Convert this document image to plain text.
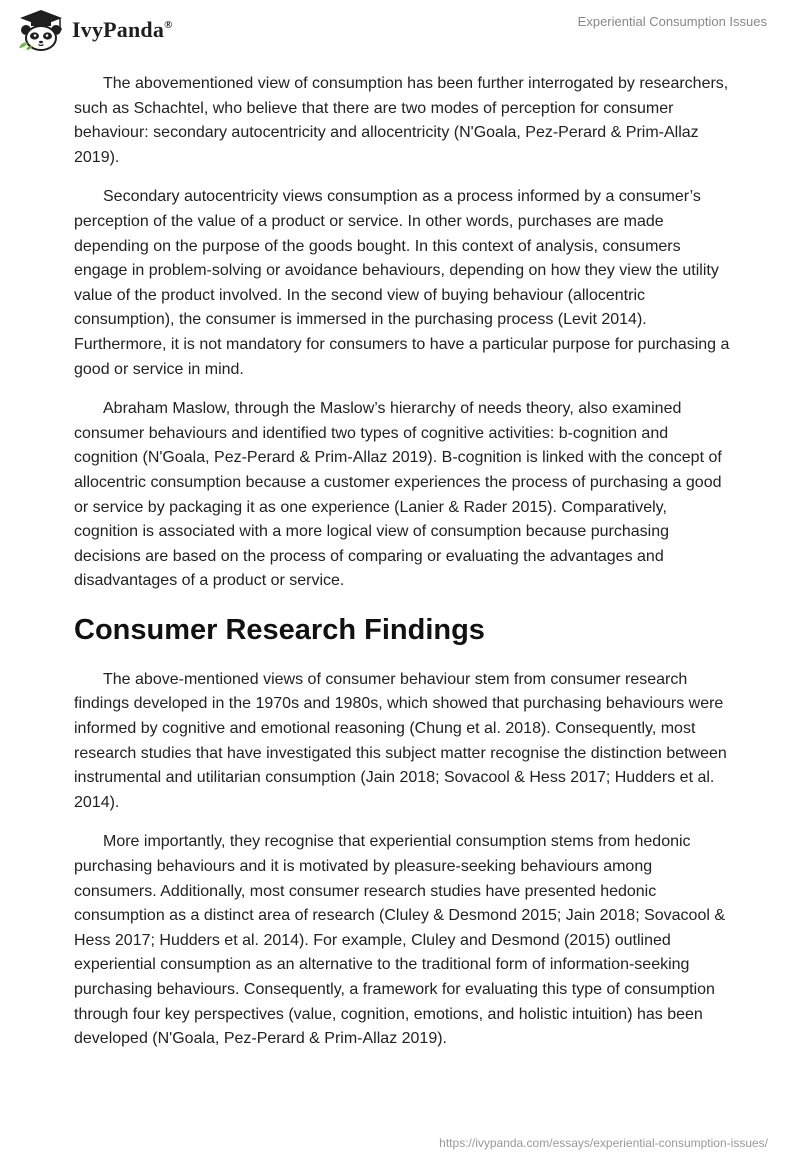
IvyPanda®	Experiential Consumption Issues

The abovementioned view of consumption has been further interrogated by researchers, such as Schachtel, who believe that there are two modes of perception for consumer behaviour: secondary autocentricity and allocentricity (N'Goala, Pez-Perard & Prim-Allaz 2019).

Secondary autocentricity views consumption as a process informed by a consumer’s perception of the value of a product or service. In other words, purchases are made depending on the purpose of the goods bought. In this context of analysis, consumers engage in problem-solving or avoidance behaviours, depending on how they view the utility value of the product involved. In the second view of buying behaviour (allocentric consumption), the consumer is immersed in the purchasing process (Levit 2014). Furthermore, it is not mandatory for consumers to have a particular purpose for purchasing a good or service in mind.

Abraham Maslow, through the Maslow’s hierarchy of needs theory, also examined consumer behaviours and identified two types of cognitive activities: b-cognition and cognition (N'Goala, Pez-Perard & Prim-Allaz 2019). B-cognition is linked with the concept of allocentric consumption because a customer experiences the process of purchasing a good or service by packaging it as one experience (Lanier & Rader 2015). Comparatively, cognition is associated with a more logical view of consumption because purchasing decisions are based on the process of comparing or evaluating the advantages and disadvantages of a product or service.

Consumer Research Findings

The above-mentioned views of consumer behaviour stem from consumer research findings developed in the 1970s and 1980s, which showed that purchasing behaviours were informed by cognitive and emotional reasoning (Chung et al. 2018). Consequently, most research studies that have investigated this subject matter recognise the distinction between instrumental and utilitarian consumption (Jain 2018; Sovacool & Hess 2017; Hudders et al. 2014).

More importantly, they recognise that experiential consumption stems from hedonic purchasing behaviours and it is motivated by pleasure-seeking behaviours among consumers. Additionally, most consumer research studies have presented hedonic consumption as a distinct area of research (Cluley & Desmond 2015; Jain 2018; Sovacool & Hess 2017; Hudders et al. 2014). For example, Cluley and Desmond (2015) outlined experiential consumption as an alternative to the traditional form of information-seeking purchasing behaviours. Consequently, a framework for evaluating this type of consumption through four key perspectives (value, cognition, emotions, and holistic intuition) has been developed (N'Goala, Pez-Perard & Prim-Allaz 2019).

https://ivypanda.com/essays/experiential-consumption-issues/
